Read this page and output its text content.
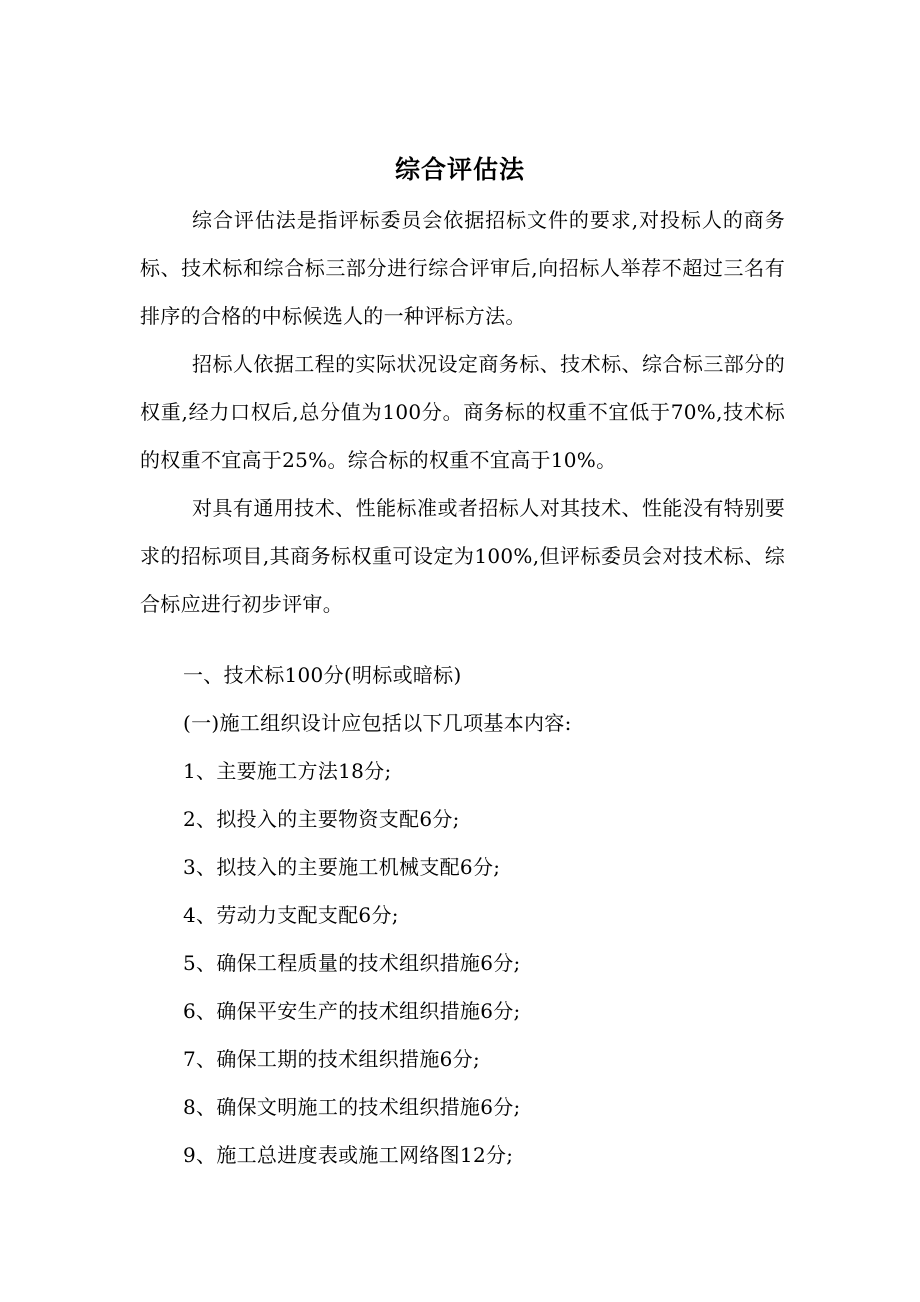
综合评估法

综合评估法是指评标委员会依据招标文件的要求,对投标人的商务标、技术标和综合标三部分进行综合评审后,向招标人举荐不超过三名有排序的合格的中标候选人的一种评标方法。

招标人依据工程的实际状况设定商务标、技术标、综合标三部分的权重,经力口权后,总分值为100分。商务标的权重不宜低于70%,技术标的权重不宜高于25%。综合标的权重不宜高于10%。

对具有通用技术、性能标准或者招标人对其技术、性能没有特别要求的招标项目,其商务标权重可设定为100%,但评标委员会对技术标、综合标应进行初步评审。

一、技术标100分(明标或暗标)
(一)施工组织设计应包括以下几项基本内容:
1、主要施工方法18分;
2、拟投入的主要物资支配6分;
3、拟技入的主要施工机械支配6分;
4、劳动力支配支配6分;
5、确保工程质量的技术组织措施6分;
6、确保平安生产的技术组织措施6分;
7、确保工期的技术组织措施6分;
8、确保文明施工的技术组织措施6分;
9、施工总进度表或施工网络图12分;
